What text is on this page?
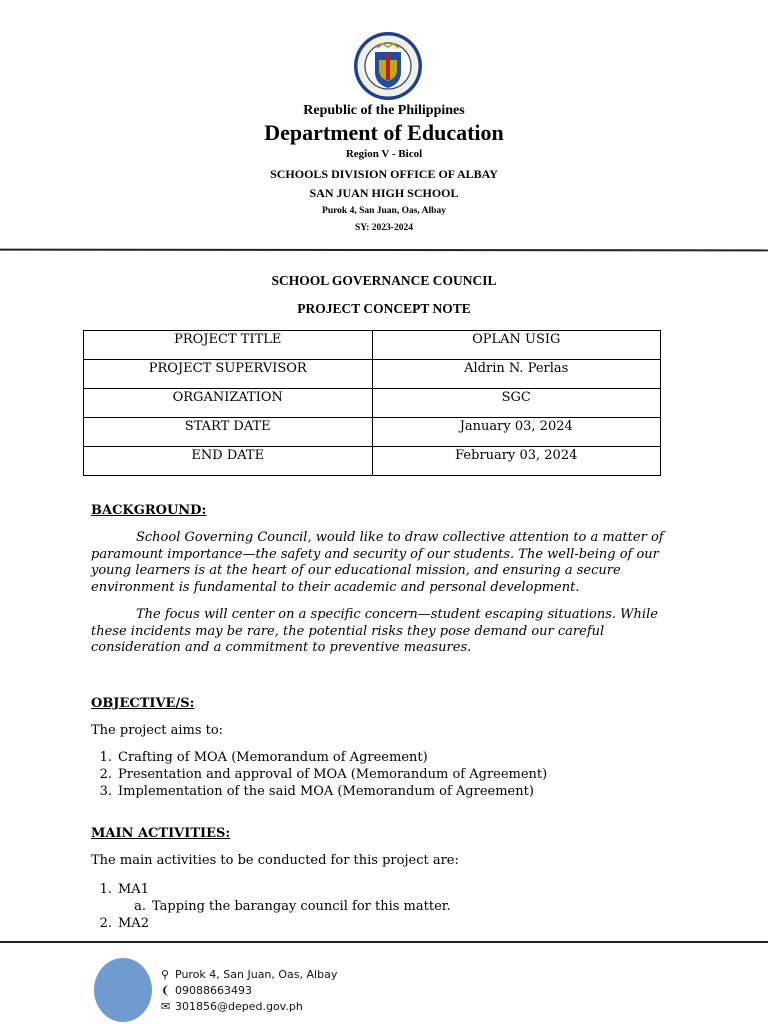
Republic of the Philippines
Department of Education
Region V - Bicol
SCHOOLS DIVISION OFFICE OF ALBAY
SAN JUAN HIGH SCHOOL
Purok 4, San Juan, Oas, Albay
SY: 2023-2024
SCHOOL GOVERNANCE COUNCIL
PROJECT CONCEPT NOTE
PROJECT TITLE	OPLAN USIG
PROJECT SUPERVISOR	Aldrin N. Perlas
ORGANIZATION	SGC
START DATE	January 03, 2024
END DATE	February 03, 2024
BACKGROUND:
School Governing Council, would like to draw collective attention to a matter of paramount importance—the safety and security of our students. The well-being of our young learners is at the heart of our educational mission, and ensuring a secure environment is fundamental to their academic and personal development.
The focus will center on a specific concern—student escaping situations. While these incidents may be rare, the potential risks they pose demand our careful consideration and a commitment to preventive measures.
OBJECTIVE/S:
The project aims to:
1. Crafting of MOA (Memorandum of Agreement)
2. Presentation and approval of MOA (Memorandum of Agreement)
3. Implementation of the said MOA (Memorandum of Agreement)
MAIN ACTIVITIES:
The main activities to be conducted for this project are:
1. MA1
a. Tapping the barangay council for this matter.
2. MA2
⚲ Purok 4, San Juan, Oas, Albay
❨ 09088663493
✉ 301856@deped.gov.ph
